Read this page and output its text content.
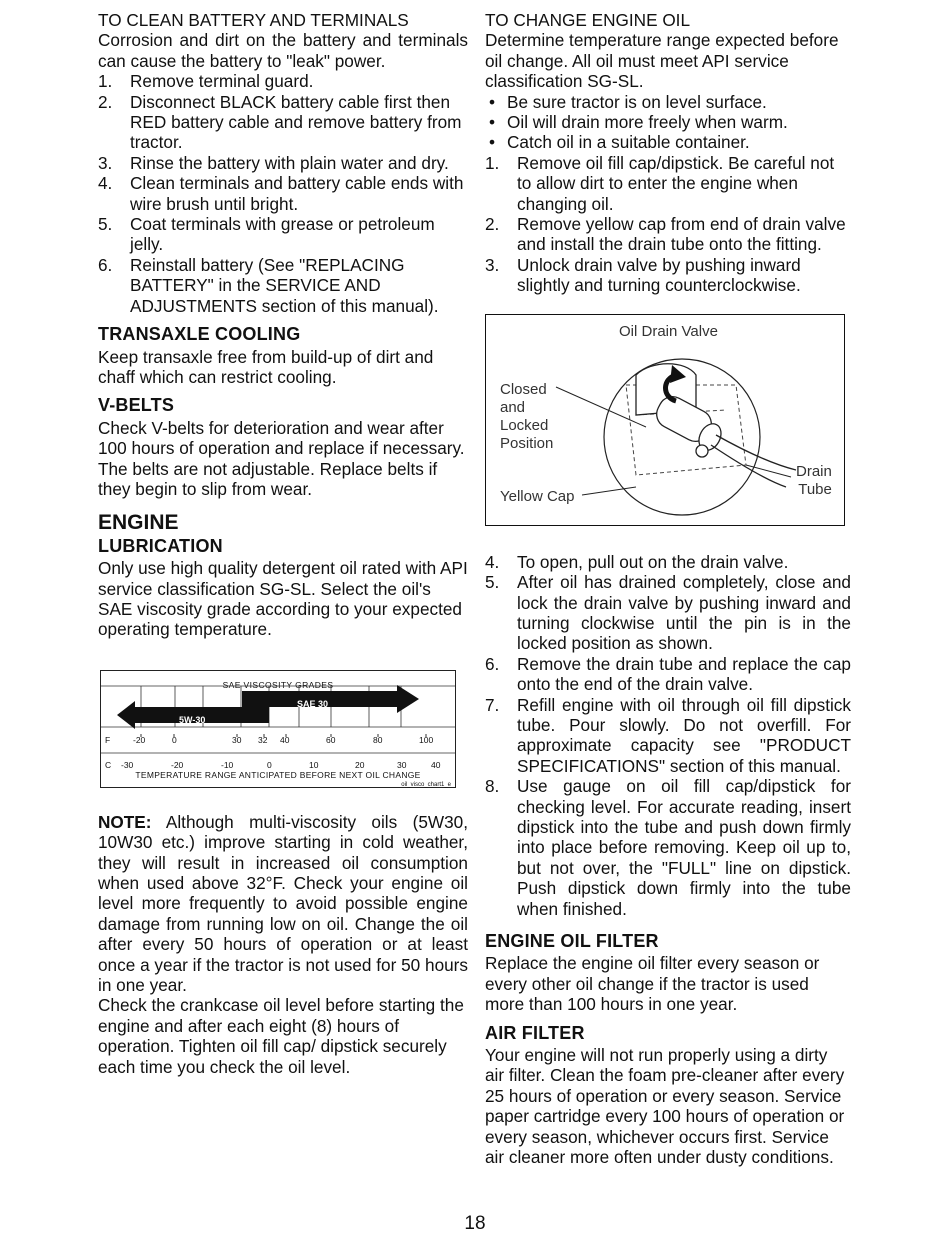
TO CLEAN BATTERY AND TERMINALS

Corrosion and dirt on the battery and terminals can cause the battery to "leak" power.

1. Remove terminal guard.
2. Disconnect BLACK battery cable first then RED battery cable and remove battery from tractor.
3. Rinse the battery with plain water and dry.
4. Clean terminals and battery cable ends with wire brush until bright.
5. Coat terminals with grease or petroleum jelly.
6. Reinstall battery (See "REPLACING BATTERY" in the SERVICE AND ADJUSTMENTS section of this manual).

TRANSAXLE COOLING

Keep transaxle free from build-up of dirt and chaff which can restrict cooling.

V-BELTS

Check V-belts for deterioration and wear after 100 hours of operation and replace if necessary. The belts are not adjustable. Replace belts if they begin to slip from wear.

ENGINE

LUBRICATION

Only use high quality detergent oil rated with API service classification SG-SL. Select the oil's SAE viscosity grade according to your expected operating temperature.

SAE VISCOSITY GRADES
SAE 30
5W-30
F	-20	0	30 32 40	60	80	100
C -30	-20	-10	0	10	20	30	40
TEMPERATURE RANGE ANTICIPATED BEFORE NEXT OIL CHANGE
oil_visco_chart1_e

NOTE: Although multi-viscosity oils (5W30, 10W30 etc.) improve starting in cold weather, they will result in increased oil consumption when used above 32°F. Check your engine oil level more frequently to avoid possible engine damage from running low on oil. Change the oil after every 50 hours of operation or at least once a year if the tractor is not used for 50 hours in one year.

Check the crankcase oil level before starting the engine and after each eight (8) hours of operation. Tighten oil fill cap/ dipstick securely each time you check the oil level.

TO CHANGE ENGINE OIL

Determine temperature range expected before oil change. All oil must meet API service classification SG-SL.

• Be sure tractor is on level surface.
• Oil will drain more freely when warm.
• Catch oil in a suitable container.
1. Remove oil fill cap/dipstick. Be careful not to allow dirt to enter the engine when changing oil.
2. Remove yellow cap from end of drain valve and install the drain tube onto the fitting.
3. Unlock drain valve by pushing inward slightly and turning counterclockwise.
Oil Drain Valve
Closed
and
Locked
Position
Yellow Cap
Drain
Tube
4. To open, pull out on the drain valve.
5. After oil has drained completely, close and lock the drain valve by pushing inward and turning clockwise until the pin is in the locked position as shown.
6. Remove the drain tube and replace the cap onto the end of the drain valve.
7. Refill engine with oil through oil fill dipstick tube. Pour slowly. Do not overfill. For approximate capacity see "PRODUCT SPECIFICATIONS" section of this manual.
8. Use gauge on oil fill cap/dipstick for checking level. For accurate reading, insert dipstick into the tube and push down firmly into place before removing. Keep oil up to, but not over, the "FULL" line on dipstick. Push dipstick down firmly into the tube when finished.

ENGINE OIL FILTER

Replace the engine oil filter every season or every other oil change if the tractor is used more than 100 hours in one year.

AIR FILTER

Your engine will not run properly using a dirty air filter. Clean the foam pre-cleaner after every 25 hours of operation or every season. Service paper cartridge every 100 hours of operation or every season, whichever occurs first. Service air cleaner more often under dusty conditions.

18
